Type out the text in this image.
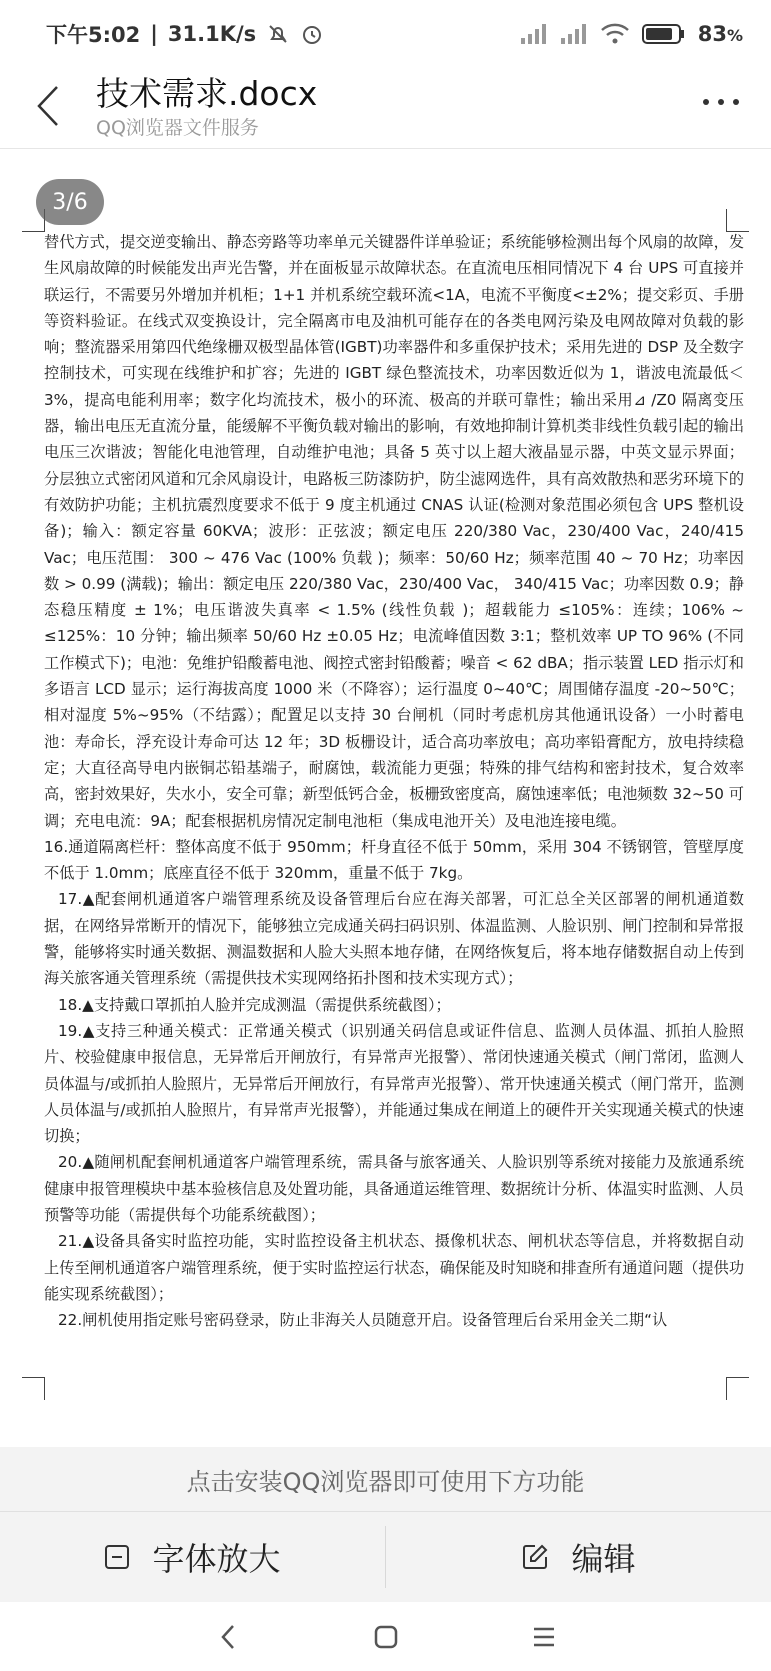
下午5:02 | 31.1K/s	83%
技术需求.docx
QQ浏览器文件服务

替代方式，提交逆变输出、静态旁路等功率单元关键器件详单验证；系统能够检测出每个风扇的故障，发生风扇故障的时候能发出声光告警，并在面板显示故障状态。在直流电压相同情况下 4 台 UPS 可直接并联运行，不需要另外增加并机柜；1+1 并机系统空载环流<1A，电流不平衡度<±2%；提交彩页、手册等资料验证。在线式双变换设计，完全隔离市电及油机可能存在的各类电网污染及电网故障对负载的影响；整流器采用第四代绝缘栅双极型晶体管(IGBT)功率器件和多重保护技术；采用先进的 DSP 及全数字控制技术，可实现在线维护和扩容；先进的 IGBT 绿色整流技术，功率因数近似为 1，谐波电流最低＜ 3%，提高电能利用率；数字化均流技术，极小的环流、极高的并联可靠性；输出采用⊿ /Z0 隔离变压器，输出电压无直流分量，能缓解不平衡负载对输出的影响，有效地抑制计算机类非线性负载引起的输出电压三次谐波；智能化电池管理，自动维护电池；具备 5 英寸以上超大液晶显示器，中英文显示界面；分层独立式密闭风道和冗余风扇设计，电路板三防漆防护，防尘滤网选件，具有高效散热和恶劣环境下的有效防护功能；主机抗震烈度要求不低于 9 度主机通过 CNAS 认证(检测对象范围必须包含 UPS 整机设备)；输入：额定容量 60KVA；波形：正弦波；额定电压 220/380 Vac，230/400 Vac，240/415 Vac；电压范围： 300 ~ 476 Vac (100% 负载 )；频率：50/60 Hz；频率范围 40 ~ 70 Hz；功率因数 > 0.99 (满载)；输出：额定电压 220/380 Vac，230/400 Vac， 340/415 Vac；功率因数 0.9；静态稳压精度 ± 1%；电压谐波失真率 < 1.5% (线性负载 )；超载能力 ≤105%：连续；106% ~ ≤125%：10 分钟；输出频率 50/60 Hz ±0.05 Hz；电流峰值因数 3:1；整机效率 UP TO 96% (不同工作模式下)；电池：免维护铅酸蓄电池、阀控式密封铅酸蓄；噪音 < 62 dBA；指示装置 LED 指示灯和多语言 LCD 显示；运行海拔高度 1000 米（不降容）；运行温度 0~40℃；周围储存温度 -20~50℃；相对湿度 5%~95%（不结露）；配置足以支持 30 台闸机（同时考虑机房其他通讯设备）一小时蓄电池：寿命长，浮充设计寿命可达 12 年；3D 板栅设计，适合高功率放电；高功率铅膏配方，放电持续稳定；大直径高导电内嵌铜芯铅基端子，耐腐蚀，载流能力更强；特殊的排气结构和密封技术，复合效率高，密封效果好，失水小，安全可靠；新型低钙合金，板栅致密度高，腐蚀速率低；电池频数 32~50 可调；充电电流：9A；配套根据机房情况定制电池柜（集成电池开关）及电池连接电缆。

16.通道隔离栏杆：整体高度不低于 950mm；杆身直径不低于 50mm，采用 304 不锈钢管，管壁厚度不低于 1.0mm；底座直径不低于 320mm，重量不低于 7kg。

17.▲配套闸机通道客户端管理系统及设备管理后台应在海关部署，可汇总全关区部署的闸机通道数据，在网络异常断开的情况下，能够独立完成通关码扫码识别、体温监测、人脸识别、闸门控制和异常报警，能够将实时通关数据、测温数据和人脸大头照本地存储，在网络恢复后，将本地存储数据自动上传到海关旅客通关管理系统（需提供技术实现网络拓扑图和技术实现方式）；

18.▲支持戴口罩抓拍人脸并完成测温（需提供系统截图）；

19.▲支持三种通关模式：正常通关模式（识别通关码信息或证件信息、监测人员体温、抓拍人脸照片、校验健康申报信息，无异常后开闸放行，有异常声光报警）、常闭快速通关模式（闸门常闭，监测人员体温与/或抓拍人脸照片，无异常后开闸放行，有异常声光报警）、常开快速通关模式（闸门常开，监测人员体温与/或抓拍人脸照片，有异常声光报警），并能通过集成在闸道上的硬件开关实现通关模式的快速切换；

20.▲随闸机配套闸机通道客户端管理系统，需具备与旅客通关、人脸识别等系统对接能力及旅通系统健康申报管理模块中基本验核信息及处置功能，具备通道运维管理、数据统计分析、体温实时监测、人员预警等功能（需提供每个功能系统截图）；

21.▲设备具备实时监控功能，实时监控设备主机状态、摄像机状态、闸机状态等信息，并将数据自动上传至闸机通道客户端管理系统，便于实时监控运行状态，确保能及时知晓和排查所有通道问题（提供功能实现系统截图）；

22.闸机使用指定账号密码登录，防止非海关人员随意开启。设备管理后台采用金关二期“认

3/6
点击安装QQ浏览器即可使用下方功能
字体放大	编辑
